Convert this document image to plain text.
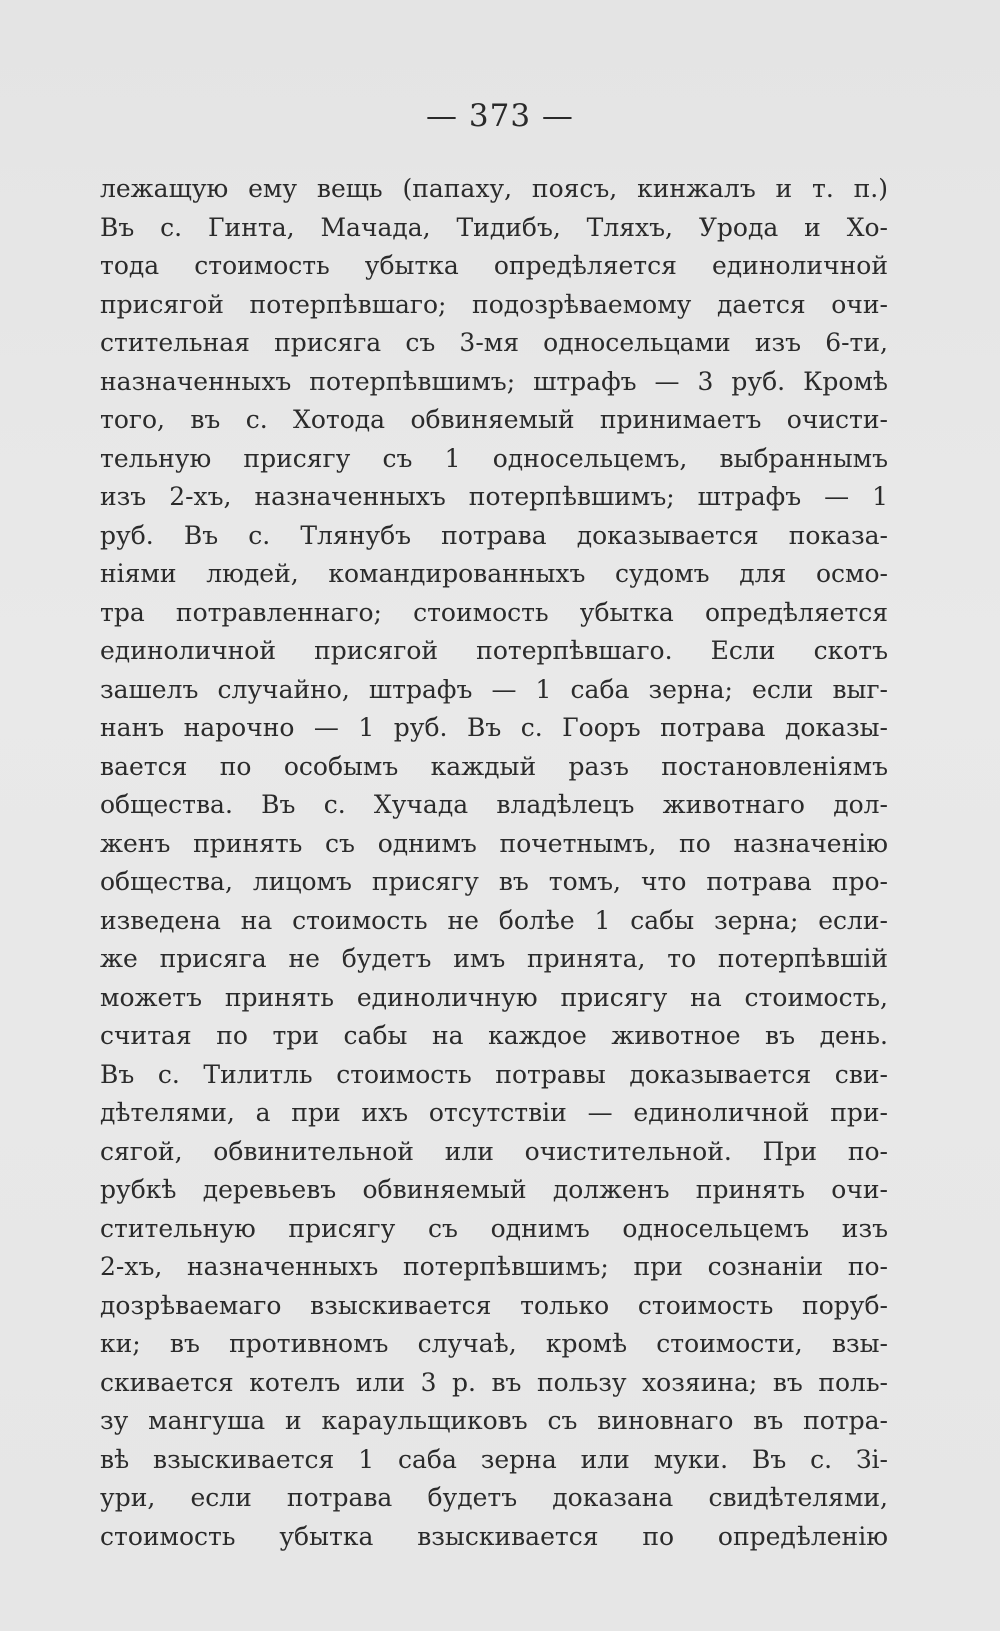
— 373 —
лежащую ему вещь (папаху, поясъ, кинжалъ и т. п.)
Въ с. Гинта, Мачада, Тидибъ, Тляхъ, Урода и Хо-
тода стоимость убытка опредѣляется единоличной
присягой потерпѣвшаго; подозрѣваемому дается очи-
стительная присяга съ 3-мя односельцами изъ 6-ти,
назначенныхъ потерпѣвшимъ; штрафъ — 3 руб. Кромѣ
того, въ с. Хотода обвиняемый принимаетъ очисти-
тельную присягу съ 1 односельцемъ, выбраннымъ
изъ 2-хъ, назначенныхъ потерпѣвшимъ; штрафъ — 1
руб. Въ с. Тлянубъ потрава доказывается показа-
ніями людей, командированныхъ судомъ для осмо-
тра потравленнаго; стоимость убытка опредѣляется
единоличной присягой потерпѣвшаго. Если скотъ
зашелъ случайно, штрафъ — 1 саба зерна; если выг-
нанъ нарочно — 1 руб. Въ с. Гооръ потрава доказы-
вается по особымъ каждый разъ постановленіямъ
общества. Въ с. Хучада владѣлецъ животнаго дол-
женъ принять съ однимъ почетнымъ, по назначенію
общества, лицомъ присягу въ томъ, что потрава про-
изведена на стоимость не болѣе 1 сабы зерна; если-
же присяга не будетъ имъ принята, то потерпѣвшій
можетъ принять единоличную присягу на стоимость,
считая по три сабы на каждое животное въ день.
Въ с. Тилитль стоимость потравы доказывается сви-
дѣтелями, а при ихъ отсутствіи — единоличной при-
сягой, обвинительной или очистительной. При по-
рубкѣ деревьевъ обвиняемый долженъ принять очи-
стительную присягу съ однимъ односельцемъ изъ
2-хъ, назначенныхъ потерпѣвшимъ; при сознаніи по-
дозрѣваемаго взыскивается только стоимость поруб-
ки; въ противномъ случаѣ, кромѣ стоимости, взы-
скивается котелъ или 3 р. въ пользу хозяина; въ поль-
зу мангуша и караульщиковъ съ виновнаго въ потра-
вѣ взыскивается 1 саба зерна или муки. Въ с. Зі-
ури, если потрава будетъ доказана свидѣтелями,
стоимость убытка взыскивается по опредѣленію
